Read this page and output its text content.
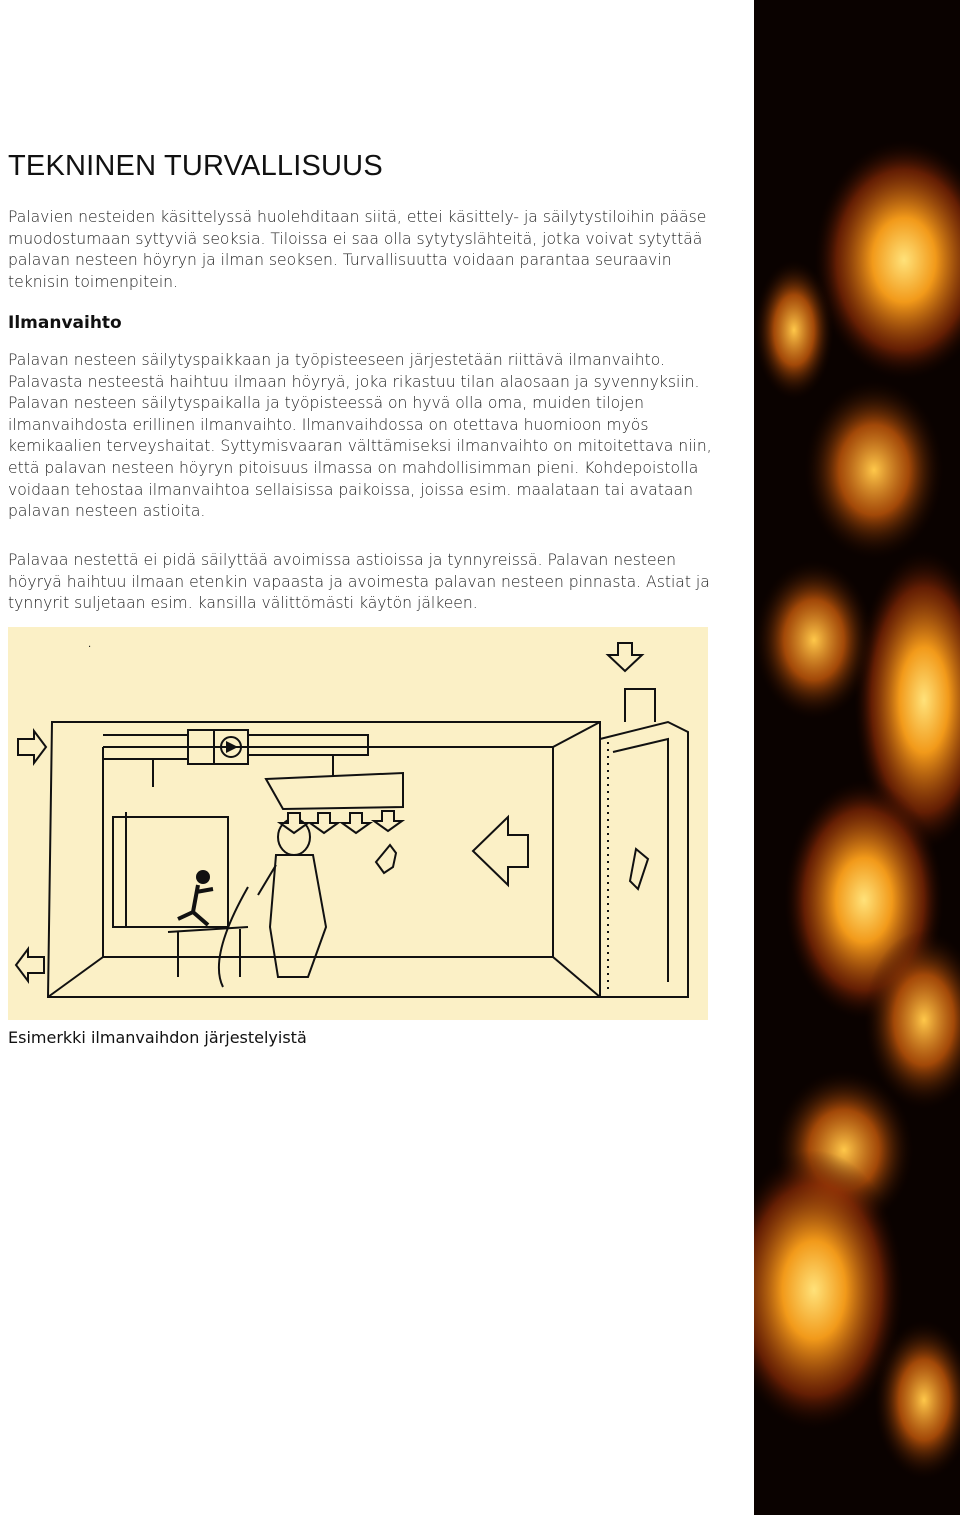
TEKNINEN TURVALLISUUS

Palavien nesteiden käsittelyssä huolehditaan siitä, ettei käsittely- ja säilytystiloihin pääse muodostumaan syttyviä seoksia. Tiloissa ei saa olla sytytyslähteitä, jotka voivat sytyttää palavan nesteen höyryn ja ilman seoksen. Turvallisuutta voidaan parantaa seuraavin teknisin toimenpitein.

Ilmanvaihto

Palavan nesteen säilytyspaikkaan ja työpisteeseen järjestetään riittävä ilmanvaihto. Palavasta nesteestä haihtuu ilmaan höyryä, joka rikastuu tilan alaosaan ja syvennyksiin. Palavan nesteen säilytyspaikalla ja työpisteessä on hyvä olla oma, muiden tilojen ilmanvaihdosta erillinen ilmanvaihto. Ilmanvaihdossa on otettava huomioon myös kemikaalien terveyshaitat. Syttymisvaaran välttämiseksi ilmanvaihto on mitoitettava niin, että palavan nesteen höyryn pitoisuus ilmassa on mahdollisimman pieni. Kohdepoistolla voidaan tehostaa ilmanvaihtoa sellaisissa paikoissa, joissa esim. maalataan tai avataan palavan nesteen astioita.

Palavaa nestettä ei pidä säilyttää avoimissa astioissa ja tynnyreissä. Palavan nesteen höyryä haihtuu ilmaan etenkin vapaasta ja avoimesta palavan nesteen pinnasta. Astiat ja tynnyrit suljetaan esim. kansilla välittömästi käytön jälkeen.

.

Esimerkki ilmanvaihdon järjestelyistä
